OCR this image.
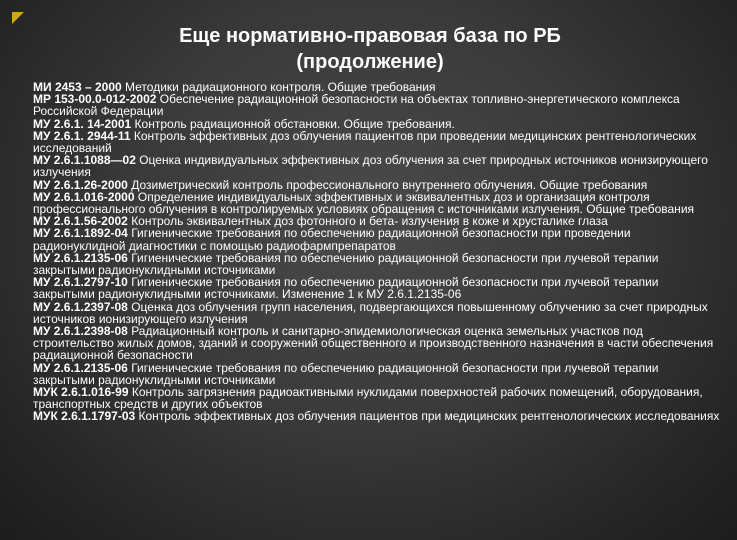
Еще нормативно-правовая база по РБ
(продолжение)

МИ 2453 – 2000 Методики радиационного контроля. Общие требования

МР 153-00.0-012-2002 Обеспечение радиационной безопасности на объектах топливно-энергетического комплекса Российской Федерации

МУ 2.6.1. 14-2001 Контроль радиационной обстановки. Общие требования.

МУ 2.6.1. 2944-11 Контроль эффективных доз облучения пациентов при проведении медицинских рентгенологических исследований

МУ 2.6.1.1088—02 Оценка индивидуальных эффективных доз облучения за счет природных источников ионизирующего излучения

МУ 2.6.1.26-2000 Дозиметрический контроль профессионального внутреннего облучения. Общие требования

МУ 2.6.1.016-2000 Определение индивидуальных эффективных и эквивалентных доз и организация контроля профессионального облучения в контролируемых условиях обращения с источниками излучения. Общие требования

МУ 2.6.1.56-2002 Контроль эквивалентных доз фотонного и бета- излучения в коже и хрусталике глаза

МУ 2.6.1.1892-04 Гигиенические требования по обеспечению радиационной безопасности при проведении радионуклидной диагностики с помощью радиофармпрепаратов

МУ 2.6.1.2135-06 Гигиенические требования по обеспечению радиационной безопасности при лучевой терапии закрытыми радионуклидными источниками

МУ 2.6.1.2797-10 Гигиенические требования по обеспечению радиационной безопасности при лучевой терапии закрытыми радионуклидными источниками. Изменение 1 к МУ 2.6.1.2135-06

МУ 2.6.1.2397-08 Оценка доз облучения групп населения, подвергающихся повышенному облучению за счет природных источников ионизирующего излучения

МУ 2.6.1.2398-08 Радиационный контроль и санитарно-эпидемиологическая оценка земельных участков под строительство жилых домов, зданий и сооружений общественного и производственного назначения в части обеспечения радиационной безопасности

МУ 2.6.1.2135-06 Гигиенические требования по обеспечению радиационной безопасности при лучевой терапии закрытыми радионуклидными источниками

МУК 2.6.1.016-99 Контроль загрязнения радиоактивными нуклидами поверхностей рабочих помещений, оборудования, транспортных средств и других объектов

МУК 2.6.1.1797-03 Контроль эффективных доз облучения пациентов при медицинских рентгенологических исследованиях
